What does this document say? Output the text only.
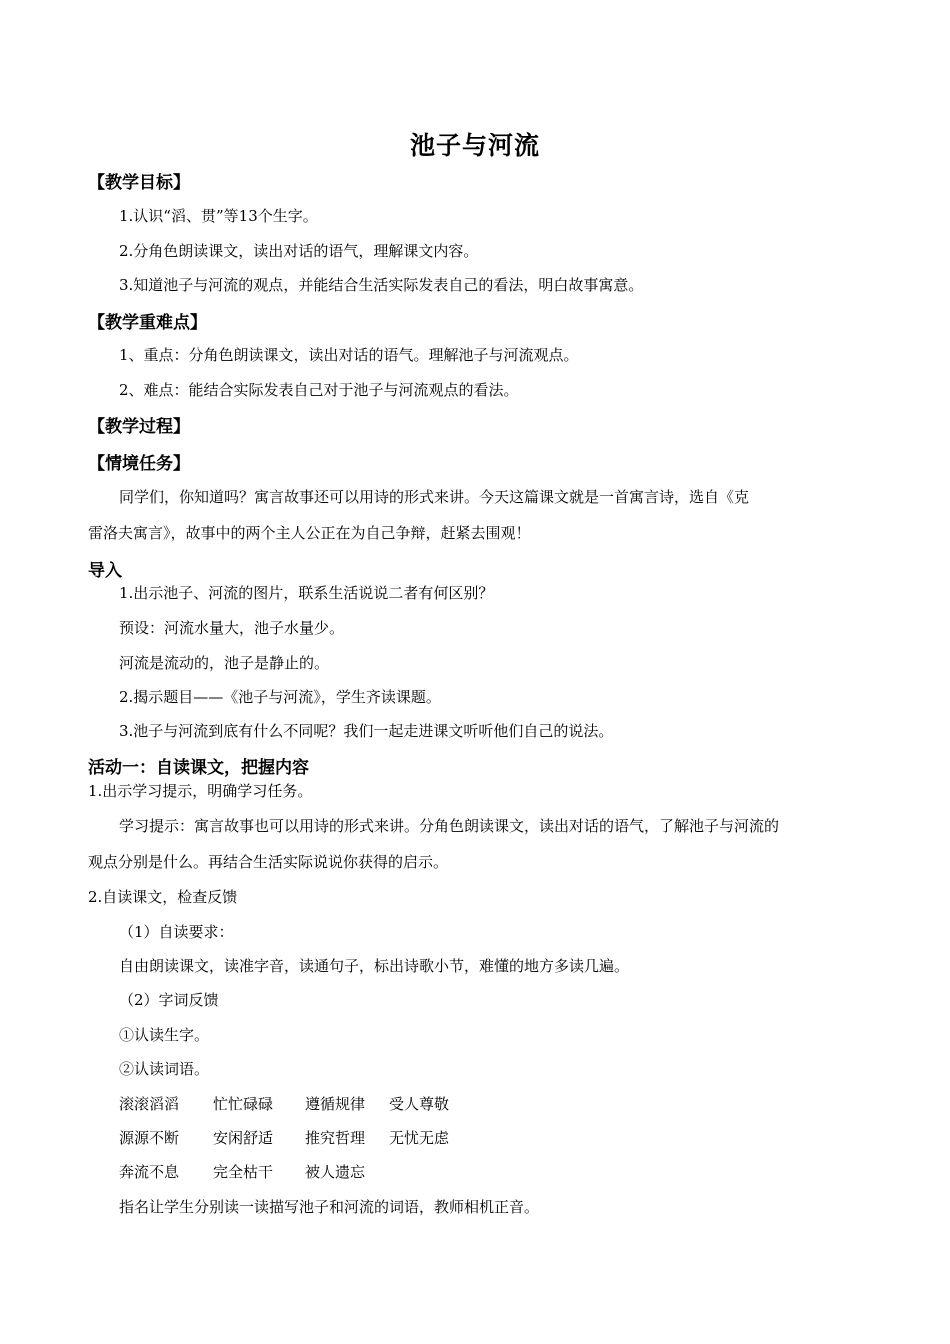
池子与河流
【教学目标】
1.认识“滔、贯”等13个生字。
2.分角色朗读课文，读出对话的语气，理解课文内容。
3.知道池子与河流的观点，并能结合生活实际发表自己的看法，明白故事寓意。
【教学重难点】
1、重点：分角色朗读课文，读出对话的语气。理解池子与河流观点。
2、难点：能结合实际发表自己对于池子与河流观点的看法。
【教学过程】
【情境任务】
同学们，你知道吗？寓言故事还可以用诗的形式来讲。今天这篇课文就是一首寓言诗，选自《克
雷洛夫寓言》，故事中的两个主人公正在为自己争辩，赶紧去围观！
导入
1.出示池子、河流的图片，联系生活说说二者有何区别？
预设：河流水量大，池子水量少。
河流是流动的，池子是静止的。
2.揭示题目——《池子与河流》，学生齐读课题。
3.池子与河流到底有什么不同呢？我们一起走进课文听听他们自己的说法。
活动一：自读课文，把握内容
1.出示学习提示，明确学习任务。
学习提示：寓言故事也可以用诗的形式来讲。分角色朗读课文，读出对话的语气，了解池子与河流的
观点分别是什么。再结合生活实际说说你获得的启示。
2.自读课文，检查反馈
（1）自读要求：
自由朗读课文，读准字音，读通句子，标出诗歌小节，难懂的地方多读几遍。
（2）字词反馈
①认读生字。
②认读词语。
滚滚滔滔 忙忙碌碌 遵循规律 受人尊敬
源源不断 安闲舒适 推究哲理 无忧无虑
奔流不息 完全枯干 被人遗忘
指名让学生分别读一读描写池子和河流的词语，教师相机正音。
